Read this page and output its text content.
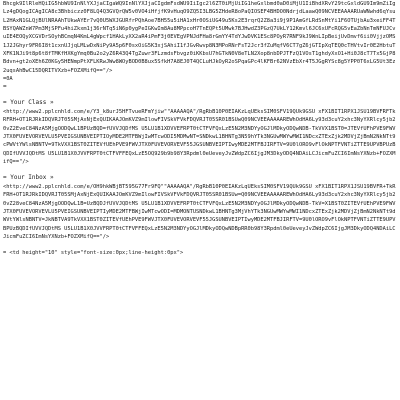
Bhcgk9IlRleHQiIG5hbWU9InNlYXJjaCIgaWQ9InNlYXJjaCIgdmFsdWU9IiIgc2l6ZT0iMjUiIG1heGxlbmd0aD0iMjU1IiBhdXRvY29tcGxldGU9Im9mZiIgLz4gDQogICAgICA8c3Bhbiczz0F8LQ4Q3GVQrQW5v0VO4iHfjfK9vHuqO9ZQ5I3LBG5ZHdeR8oPaQIOSEF4BHDO0NdrjdLaawQ09NCVEEAAAARUaWNwhd6qYsuL2HAxN1GLQjBUlNRAAhTUkwAYEr7vQ0U5WXJGURfrPQhAoe7BH55u5iHA1xHr0OSiUG49u5Ks2E3rqrQ2Z8a3i9j9P1AmGfLRdSnMtYi1F6OTUjbAu3xeiFF4TBSYQAWZnW7Pm3MjSPFu4hiZkxm1j36rNTq5iN6p0ygPeIGKwIm8Au8MPpcoH7TnEQPt5UMwk7BJHwdZ3PGzQ7UkLY12Kmvl6JC6xUFcRQG5vEaZbNnTmNFUJCvuIE4EOQyXCGVDrSOyhBCmqN4KmL4gWpcf1HAkLyXX2aR4iPmF3j0EVEgVPNJdFHa8rGmYY4TdYJwDVK1ESc8POyR7RNF9kJ9WnLIpBeijUvDmvf6ii0VjjzOMS1J2JGhyr9FR6I8t1cxnUJjqLMLwDxNiPy9A5p6F0sxOiG5K3xjSAhiI1fJGvRwvp8N3MPoRNrFsT2Jcr3fZuMqfV6CT7gZ6jGTIpXqTEQ0cTHVtvIr0E2HbtuTXFK1NJi9t8p6t8fTMKfHXKgYmq0Bu2o2yZ6R43Q4TgZuwr3FLzmdsFbvgz0iKKbsU7hGTkN0V8eTLN2Xop8nbDPJTFzQ1VOsT1ghdyXxO1+Hi0J8cT7Tx5GjP8Bdvn+gt2oXEh6Z0KGy5HENmpPtXFLKRwJWw8WOyBOD0B8ux5SfkH7A8EJ0T4QCLuHJkOyR2oSPqaGPc4lKFBr62NVzEbXr4T5JGgRYSc8g5YPP0T6xLG5Ut3Ez2uqsAhBwC15DQRITVXzb+FOZXMifQ=="/>
=0A
=
= Your Class »
<http://www2.pplcnhld.com/e/Y3_k8urJ5HFTvueRFmYjiw""AAAAAQA"/RgRbB10P0EIAKzLqUEksSIM0SFV19QUk9GSU xFX1BIT1RPX1JSU19BVFRFTkRFRH+OT1RJRkIDQVRJT05SMjAxNjExQUIKAAJOmKVZ9mIlowFIVSkVFVkFDQVRJT05SR01BSUwQ09NCVEEAAAAAREWhOdHA6Ly93d3cuY2xhc3NyYXRlcy5jb20vZ2EveC84NzA5MjgOODQwL1BPUzBQD=fUVVJQDfMS U5LU1B1XDVVEFRPT0tCTFVFQxLzE5N2M3NDYyOGJlMDkyODQwNDB-TkVVX1BST0=JTEVfUFhPVE9FWVJTX0FUVEVORVEVLU5PVEIGSUNBVEIPTIOyMDE2MTFBWjIwMTcwODI5MDMwNT=SNDkwL1BHNTg3N59hYTk3NGUwMWYwMWI1NDcxZTExZjk2MDVjZjBmN2NkNTt9cPWVtYWlsNBNTV=9TkVXX1BST0ZITEVfUEhPVE9FWVJTX0FUVEVORVEVF55JGSUNBVEIPTIwyMDE2MTFBJIRFTV=9U0lORO9vFlOkNPTFVNTiZTTE9UPVBPUzBQDIfUVVJQDtMS U5LU1B1X0JVVFRPT0tCTFVFFEQxLzE5OQ929b9b98Y3Rpdml0eUeveyJvZWdpZC6IjgJM3DkyODQ4NDAiLCJicmFuZCI6ImNsYXNzb+FOZXMifQ=="/>
= Your Inbox »
<http://www2.pplcnhld.com/e/OH9hkWBjBT595G77Fr9FQ""AAAAAQA"/RgRbB10P0EIAKzLqUEksSIM0SFV19QUk9GSU xFX1BIT1RPX1JSU19BVFR+TkRFRH+OT1RJRkIDQVRJT05SMjAxNjExQUIKAAJOmKVZ9mIlowFIVSkVFVkFDQVRJT05SR01BSUw=Q09NCVEEAAAAAREWhOdHA6Ly93d3cuY2xhc3NyYXRlcy5jb20vZ28veC84NzA5MjgOODQwL1B=UzBQDJfUVVJQDtMS U5LU1B1XDVVEFRPT0tCTFVFQxLzE5N2M3NDYyOGJlMDkyODQwNDB-TkV=X1BST0ZITEVfUEhPVE9FWVJTX0FUVEVORVEVLU5PVEIGSUNBVEIPTIyMDE2MTFBWjIwMTcwODI=MDMONTUSNDkwL1BHNTg3MjVhYTk3NGUwMWYwMWI1NDcxZTExZjk2MDVjZjBmN2NkNTt9dWVtYWlsNBNTV=JkNBTVA9TkVXX1BST0ZITEVfUEhPVE9FWVJTX0FUVEVORVEVF55JGSUNBVEIPTIwyMDE2MTFBJIRFTV=9U0lORO9vFlOkNPTFVNTiZTTE9UPVBPUzBQDIfUVVJQDtMS U5LU1B1X0JVVFRPT0tCTFVFFEQxLzE5N2M3NDYyOGJlMDkyODQwNDBpRR0b98Y3Rpdml0eUeveyJvZWdpZC6IjgJM3DkyODQ4NDAiLCJicmFuZCI6ImNsYXNzb+FOZXMifQ=="/>
= <td height="10" style="font-size:0px;line-height:0px">
